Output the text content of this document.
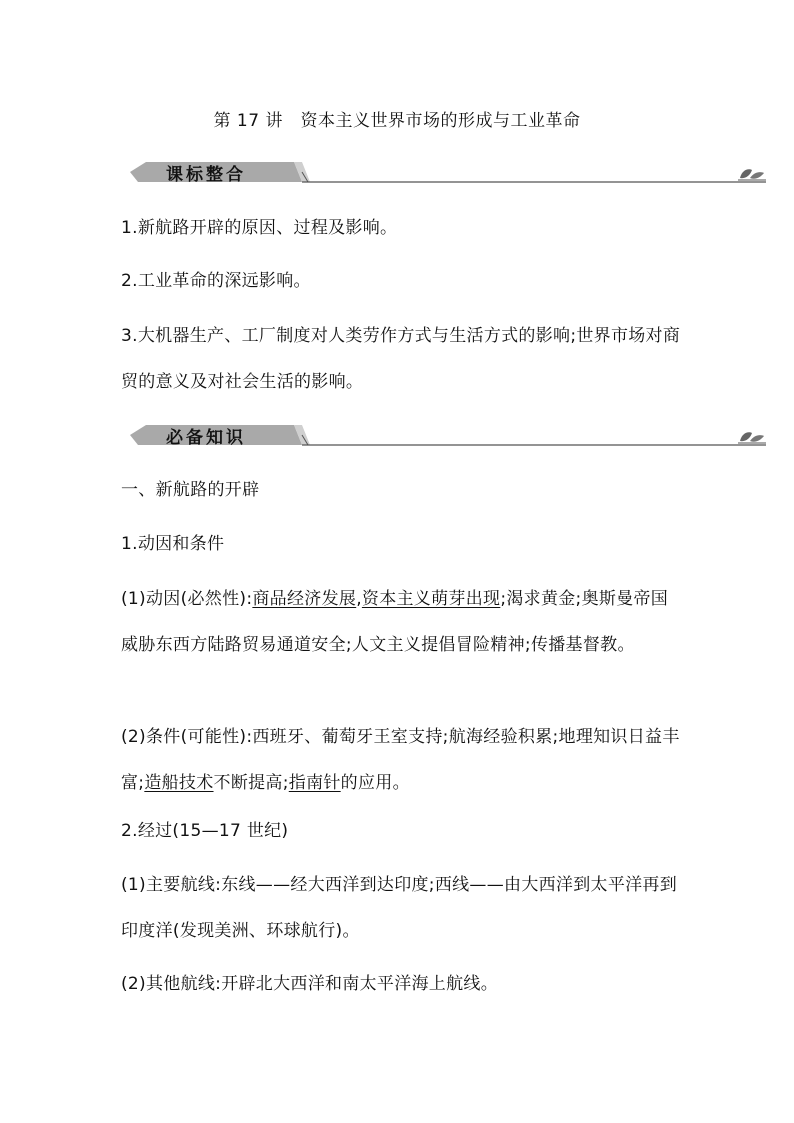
第 17 讲　资本主义世界市场的形成与工业革命
课标整合
1.新航路开辟的原因、过程及影响。
2.工业革命的深远影响。
3.大机器生产、工厂制度对人类劳作方式与生活方式的影响;世界市场对商贸的意义及对社会生活的影响。
必备知识
一、新航路的开辟
1.动因和条件
(1)动因(必然性):商品经济发展,资本主义萌芽出现;渴求黄金;奥斯曼帝国威胁东西方陆路贸易通道安全;人文主义提倡冒险精神;传播基督教。
(2)条件(可能性):西班牙、葡萄牙王室支持;航海经验积累;地理知识日益丰富;造船技术不断提高;指南针的应用。
2.经过(15—17 世纪)
(1)主要航线:东线——经大西洋到达印度;西线——由大西洋到太平洋再到印度洋(发现美洲、环球航行)。
(2)其他航线:开辟北大西洋和南太平洋海上航线。
